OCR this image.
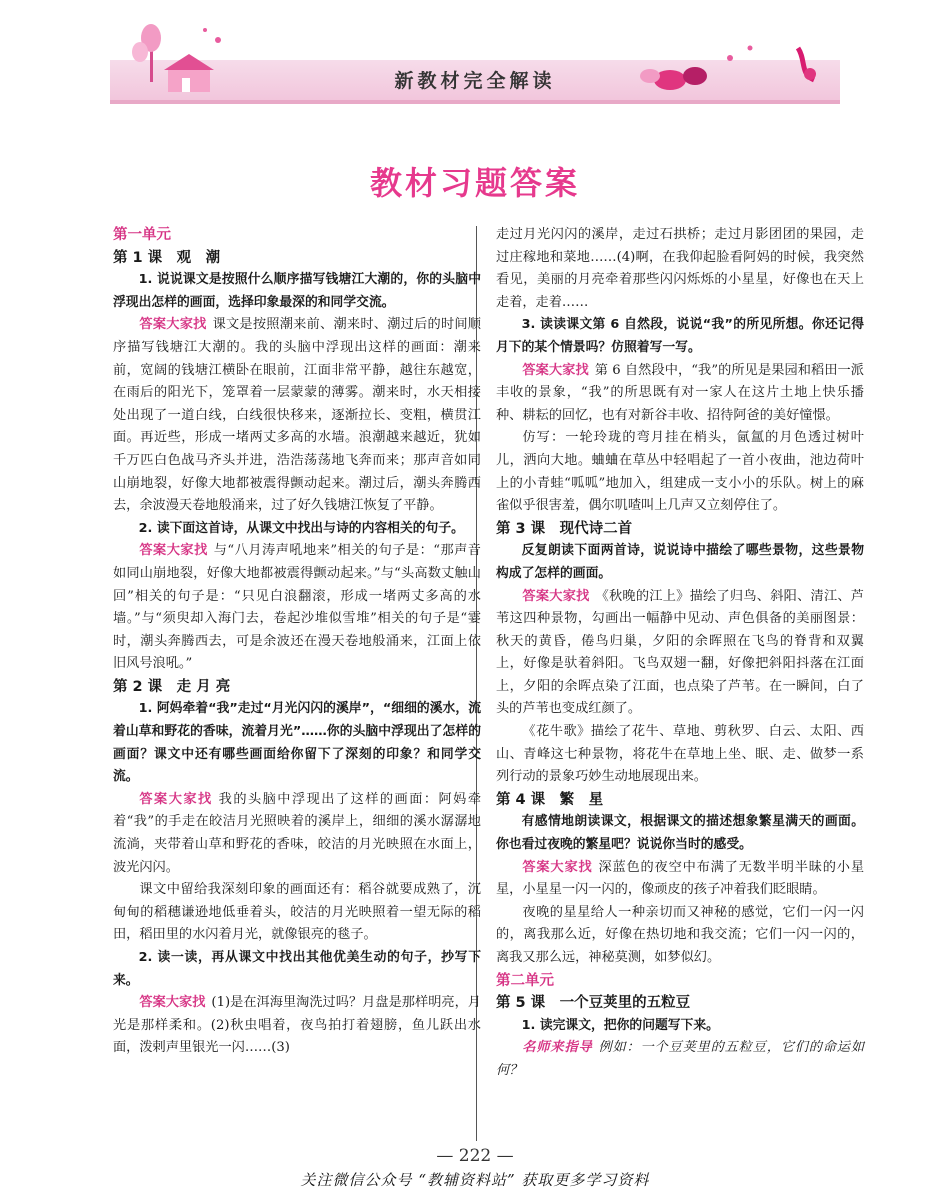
新教材完全解读
教材习题答案

第一单元

第 1 课　观　潮

1. 说说课文是按照什么顺序描写钱塘江大潮的，你的头脑中浮现出怎样的画面，选择印象最深的和同学交流。

答案大家找 课文是按照潮来前、潮来时、潮过后的时间顺序描写钱塘江大潮的。我的头脑中浮现出这样的画面：潮来前，宽阔的钱塘江横卧在眼前，江面非常平静，越往东越宽，在雨后的阳光下，笼罩着一层蒙蒙的薄雾。潮来时，水天相接处出现了一道白线，白线很快移来，逐渐拉长、变粗，横贯江面。再近些，形成一堵两丈多高的水墙。浪潮越来越近，犹如千万匹白色战马齐头并进，浩浩荡荡地飞奔而来；那声音如同山崩地裂，好像大地都被震得颤动起来。潮过后，潮头奔腾西去，余波漫天卷地般涌来，过了好久钱塘江恢复了平静。

2. 读下面这首诗，从课文中找出与诗的内容相关的句子。

答案大家找 与“八月涛声吼地来”相关的句子是：“那声音如同山崩地裂，好像大地都被震得颤动起来。”与“头高数丈触山回”相关的句子是：“只见白浪翻滚，形成一堵两丈多高的水墙。”与“须臾却入海门去，卷起沙堆似雪堆”相关的句子是“霎时，潮头奔腾西去，可是余波还在漫天卷地般涌来，江面上依旧风号浪吼。”

第 2 课　走 月 亮

1. 阿妈牵着“我”走过“月光闪闪的溪岸”，“细细的溪水，流着山草和野花的香味，流着月光”……你的头脑中浮现出了怎样的画面？课文中还有哪些画面给你留下了深刻的印象？和同学交流。

答案大家找 我的头脑中浮现出了这样的画面：阿妈牵着“我”的手走在皎洁月光照映着的溪岸上，细细的溪水潺潺地流淌，夹带着山草和野花的香味，皎洁的月光映照在水面上，波光闪闪。

课文中留给我深刻印象的画面还有：稻谷就要成熟了，沉甸甸的稻穗谦逊地低垂着头，皎洁的月光映照着一望无际的稻田，稻田里的水闪着月光，就像银亮的毯子。

2. 读一读，再从课文中找出其他优美生动的句子，抄写下来。

答案大家找 (1)是在洱海里淘洗过吗？月盘是那样明亮，月光是那样柔和。(2)秋虫唱着，夜鸟拍打着翅膀，鱼儿跃出水面，泼剌声里银光一闪……(3)

走过月光闪闪的溪岸，走过石拱桥；走过月影团团的果园，走过庄稼地和菜地……(4)啊，在我仰起脸看阿妈的时候，我突然看见，美丽的月亮牵着那些闪闪烁烁的小星星，好像也在天上走着，走着……

3. 读读课文第 6 自然段，说说“我”的所见所想。你还记得月下的某个情景吗？仿照着写一写。

答案大家找 第 6 自然段中，“我”的所见是果园和稻田一派丰收的景象，“我”的所思既有对一家人在这片土地上快乐播种、耕耘的回忆，也有对新谷丰收、招待阿爸的美好憧憬。

仿写：一轮玲珑的弯月挂在梢头，氤氲的月色透过树叶儿，洒向大地。蛐蛐在草丛中轻唱起了一首小夜曲，池边荷叶上的小青蛙“呱呱”地加入，组建成一支小小的乐队。树上的麻雀似乎很害羞，偶尔叽喳叫上几声又立刻停住了。

第 3 课　现代诗二首

反复朗读下面两首诗，说说诗中描绘了哪些景物，这些景物构成了怎样的画面。

答案大家找 《秋晚的江上》描绘了归鸟、斜阳、清江、芦苇这四种景物，勾画出一幅静中见动、声色俱备的美丽图景：秋天的黄昏，倦鸟归巢，夕阳的余晖照在飞鸟的脊背和双翼上，好像是驮着斜阳。飞鸟双翅一翻，好像把斜阳抖落在江面上，夕阳的余晖点染了江面，也点染了芦苇。在一瞬间，白了头的芦苇也变成红颜了。

《花牛歌》描绘了花牛、草地、剪秋罗、白云、太阳、西山、青峰这七种景物，将花牛在草地上坐、眠、走、做梦一系列行动的景象巧妙生动地展现出来。

第 4 课　繁　星

有感情地朗读课文，根据课文的描述想象繁星满天的画面。你也看过夜晚的繁星吧？说说你当时的感受。

答案大家找 深蓝色的夜空中布满了无数半明半昧的小星星，小星星一闪一闪的，像顽皮的孩子冲着我们眨眼睛。

夜晚的星星给人一种亲切而又神秘的感觉，它们一闪一闪的，离我那么近，好像在热切地和我交流；它们一闪一闪的，离我又那么远，神秘莫测，如梦似幻。

第二单元

第 5 课　一个豆荚里的五粒豆

1. 读完课文，把你的问题写下来。

名师来指导 例如：一个豆荚里的五粒豆，它们的命运如何？

— 222 —
关注微信公众号 “教辅资料站” 获取更多学习资料
